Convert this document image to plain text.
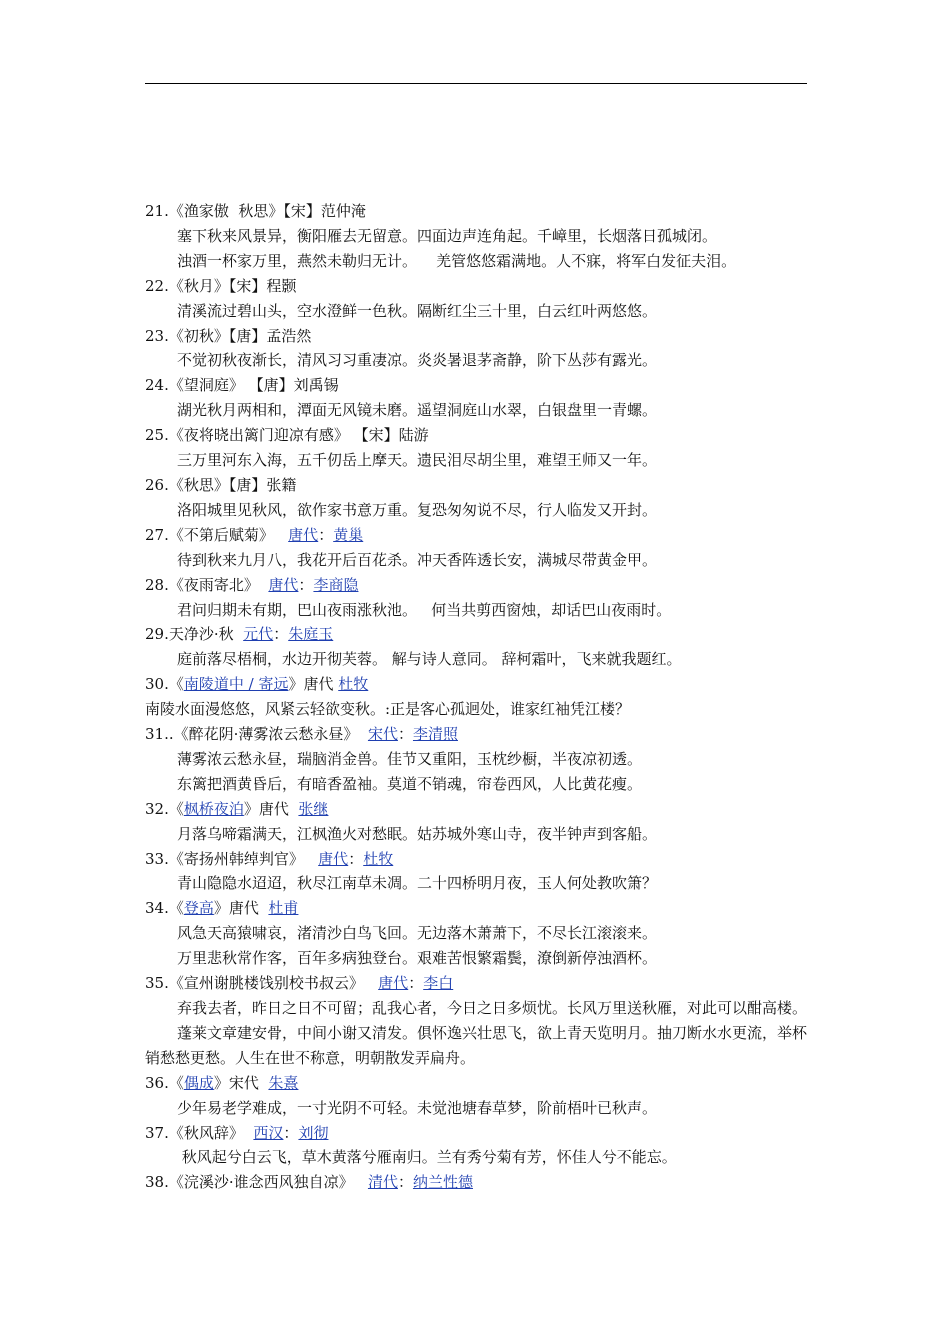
21.《渔家傲  秋思》【宋】范仲淹
塞下秋来风景异，衡阳雁去无留意。四面边声连角起。千嶂里，长烟落日孤城闭。
浊酒一杯家万里，燕然未勒归无计。    羌管悠悠霜满地。人不寐，将军白发征夫泪。
22.《秋月》【宋】程颢
清溪流过碧山头，空水澄鲜一色秋。隔断红尘三十里，白云红叶两悠悠。
23.《初秋》【唐】孟浩然
不觉初秋夜渐长，清风习习重凄凉。炎炎暑退茅斋静，阶下丛莎有露光。
24.《望洞庭》 【唐】刘禹锡
湖光秋月两相和，潭面无风镜未磨。遥望洞庭山水翠，白银盘里一青螺。
25.《夜将晓出篱门迎凉有感》 【宋】陆游
三万里河东入海，五千仞岳上摩天。遗民泪尽胡尘里，难望王师又一年。
26.《秋思》【唐】张籍
洛阳城里见秋风，欲作家书意万重。复恐匆匆说不尽，行人临发又开封。
27.《不第后赋菊》   唐代：黄巢
待到秋来九月八，我花开后百花杀。冲天香阵透长安，满城尽带黄金甲。
28.《夜雨寄北》  唐代：李商隐
君问归期未有期，巴山夜雨涨秋池。   何当共剪西窗烛，却话巴山夜雨时。
29.天净沙·秋  元代：朱庭玉
庭前落尽梧桐，水边开彻芙蓉。 解与诗人意同。 辞柯霜叶，飞来就我题红。
30.《南陵道中 / 寄远》唐代 杜牧
南陵水面漫悠悠，风紧云轻欲变秋。:正是客心孤迥处，谁家红袖凭江楼？
31..《醉花阴·薄雾浓云愁永昼》  宋代：李清照
薄雾浓云愁永昼，瑞脑消金兽。佳节又重阳，玉枕纱橱，半夜凉初透。
东篱把酒黄昏后，有暗香盈袖。莫道不销魂，帘卷西风，人比黄花瘦。
32.《枫桥夜泊》唐代  张继
月落乌啼霜满天，江枫渔火对愁眠。姑苏城外寒山寺，夜半钟声到客船。
33.《寄扬州韩绰判官》   唐代：杜牧
青山隐隐水迢迢，秋尽江南草未凋。二十四桥明月夜，玉人何处教吹箫？
34.《登高》唐代  杜甫
风急天高猿啸哀，渚清沙白鸟飞回。无边落木萧萧下，不尽长江滚滚来。
万里悲秋常作客，百年多病独登台。艰难苦恨繁霜鬓，潦倒新停浊酒杯。
35.《宣州谢朓楼饯别校书叔云》   唐代：李白
弃我去者，昨日之日不可留；乱我心者，今日之日多烦忧。长风万里送秋雁，对此可以酣高楼。
蓬莱文章建安骨，中间小谢又清发。俱怀逸兴壮思飞，欲上青天览明月。抽刀断水水更流，举杯销愁愁更愁。人生在世不称意，明朝散发弄扁舟。
36.《偶成》宋代  朱熹
少年易老学难成，一寸光阴不可轻。未觉池塘春草梦，阶前梧叶已秋声。
37.《秋风辞》  西汉：刘彻
秋风起兮白云飞，草木黄落兮雁南归。兰有秀兮菊有芳，怀佳人兮不能忘。
38.《浣溪沙·谁念西风独自凉》   清代：纳兰性德
